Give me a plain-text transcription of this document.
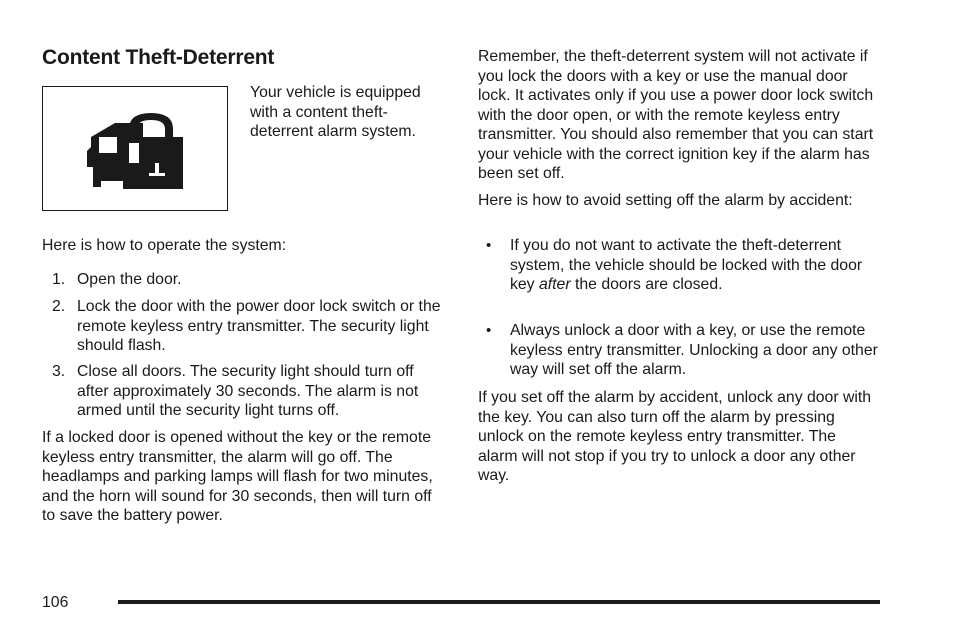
Content Theft-Deterrent

Your vehicle is equipped with a content theft-deterrent alarm system.

Here is how to operate the system:

1. Open the door.
2. Lock the door with the power door lock switch or the remote keyless entry transmitter. The security light should flash.
3. Close all doors. The security light should turn off after approximately 30 seconds. The alarm is not armed until the security light turns off.

If a locked door is opened without the key or the remote keyless entry transmitter, the alarm will go off. The headlamps and parking lamps will flash for two minutes, and the horn will sound for 30 seconds, then will turn off to save the battery power.

Remember, the theft-deterrent system will not activate if you lock the doors with a key or use the manual door lock. It activates only if you use a power door lock switch with the door open, or with the remote keyless entry transmitter. You should also remember that you can start your vehicle with the correct ignition key if the alarm has been set off.

Here is how to avoid setting off the alarm by accident:

• If you do not want to activate the theft-deterrent system, the vehicle should be locked with the door key after the doors are closed.
• Always unlock a door with a key, or use the remote keyless entry transmitter. Unlocking a door any other way will set off the alarm.

If you set off the alarm by accident, unlock any door with the key. You can also turn off the alarm by pressing unlock on the remote keyless entry transmitter. The alarm will not stop if you try to unlock a door any other way.

106
